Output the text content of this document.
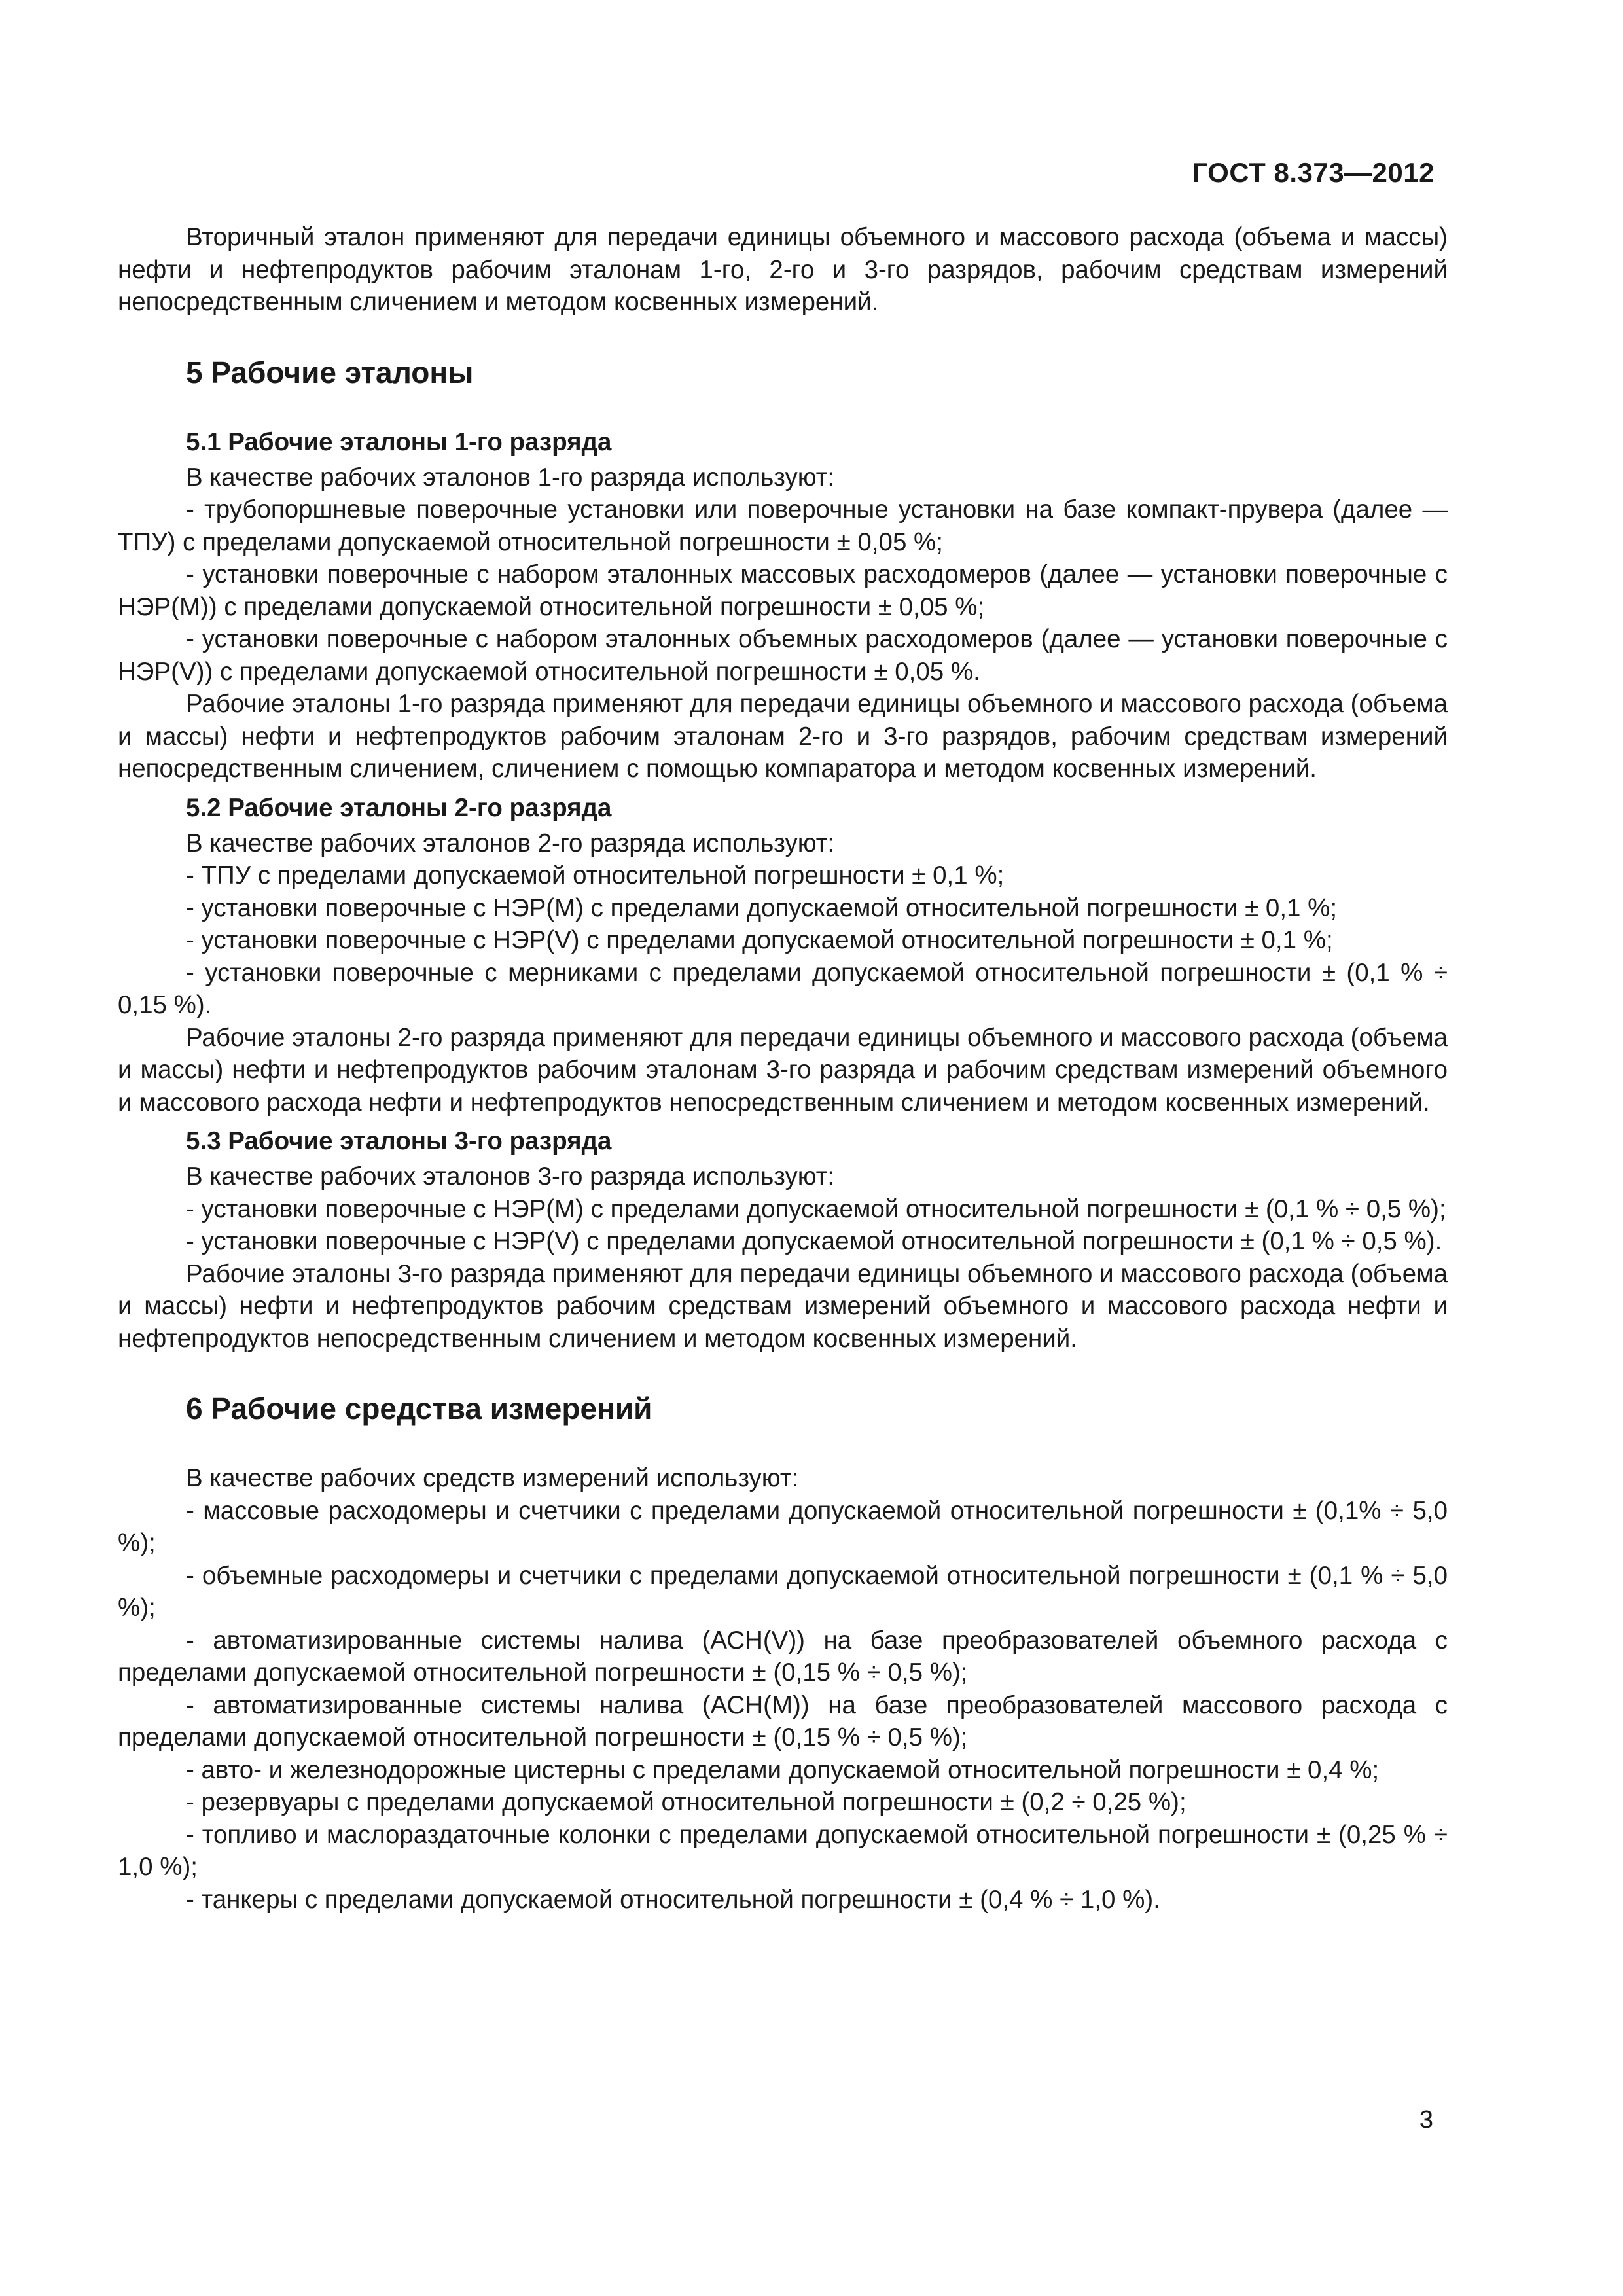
ГОСТ 8.373—2012

Вторичный эталон применяют для передачи единицы объемного и массового расхода (объема и массы) нефти и нефтепродуктов рабочим эталонам 1-го, 2-го и 3-го разрядов, рабочим средствам измерений непосредственным сличением и методом косвенных измерений.

5 Рабочие эталоны
5.1 Рабочие эталоны 1-го разряда

В качестве рабочих эталонов 1-го разряда используют:

- трубопоршневые поверочные установки или поверочные установки на базе компакт-прувера (далее — ТПУ) с пределами допускаемой относительной погрешности ± 0,05 %;

- установки поверочные с набором эталонных массовых расходомеров (далее — установки поверочные с НЭР(М)) с пределами допускаемой относительной погрешности ± 0,05 %;

- установки поверочные с набором эталонных объемных расходомеров (далее — установки поверочные с НЭР(V)) с пределами допускаемой относительной погрешности ± 0,05 %.

Рабочие эталоны 1-го разряда применяют для передачи единицы объемного и массового расхода (объема и массы) нефти и нефтепродуктов рабочим эталонам 2-го и 3-го разрядов, рабочим средствам измерений непосредственным сличением, сличением с помощью компаратора и методом косвенных измерений.

5.2 Рабочие эталоны 2-го разряда

В качестве рабочих эталонов 2-го разряда используют:

- ТПУ с пределами допускаемой относительной погрешности ± 0,1 %;

- установки поверочные с НЭР(М) с пределами допускаемой относительной погрешности ± 0,1 %;

- установки поверочные с НЭР(V) с пределами допускаемой относительной погрешности ± 0,1 %;

- установки поверочные с мерниками с пределами допускаемой относительной погрешности ± (0,1 % ÷ 0,15 %).

Рабочие эталоны 2-го разряда применяют для передачи единицы объемного и массового расхода (объема и массы) нефти и нефтепродуктов рабочим эталонам 3-го разряда и рабочим средствам измерений объемного и массового расхода нефти и нефтепродуктов непосредственным сличением и методом косвенных измерений.

5.3 Рабочие эталоны 3-го разряда

В качестве рабочих эталонов 3-го разряда используют:

- установки поверочные с НЭР(М) с пределами допускаемой относительной погрешности ± (0,1 % ÷ 0,5 %);

- установки поверочные с НЭР(V) с пределами допускаемой относительной погрешности ± (0,1 % ÷ 0,5 %).

Рабочие эталоны 3-го разряда применяют для передачи единицы объемного и массового расхода (объема и массы) нефти и нефтепродуктов рабочим средствам измерений объемного и массового расхода нефти и нефтепродуктов непосредственным сличением и методом косвенных измерений.

6 Рабочие средства измерений

В качестве рабочих средств измерений используют:

- массовые расходомеры и счетчики с пределами допускаемой относительной погрешности ± (0,1% ÷ 5,0 %);

- объемные расходомеры и счетчики с пределами допускаемой относительной погрешности ± (0,1 % ÷ 5,0 %);

- автоматизированные системы налива (АСН(V)) на базе преобразователей объемного расхода с пределами допускаемой относительной погрешности ± (0,15 % ÷ 0,5 %);

- автоматизированные системы налива (АСН(М)) на базе преобразователей массового расхода с пределами допускаемой относительной погрешности ± (0,15 % ÷ 0,5 %);

- авто- и железнодорожные цистерны с пределами допускаемой относительной погрешности ± 0,4 %;

- резервуары с пределами допускаемой относительной погрешности ± (0,2 ÷ 0,25 %);

- топливо и маслораздаточные колонки с пределами допускаемой относительной погрешности ± (0,25 % ÷ 1,0 %);

- танкеры с пределами допускаемой относительной погрешности ± (0,4 % ÷ 1,0 %).

3
